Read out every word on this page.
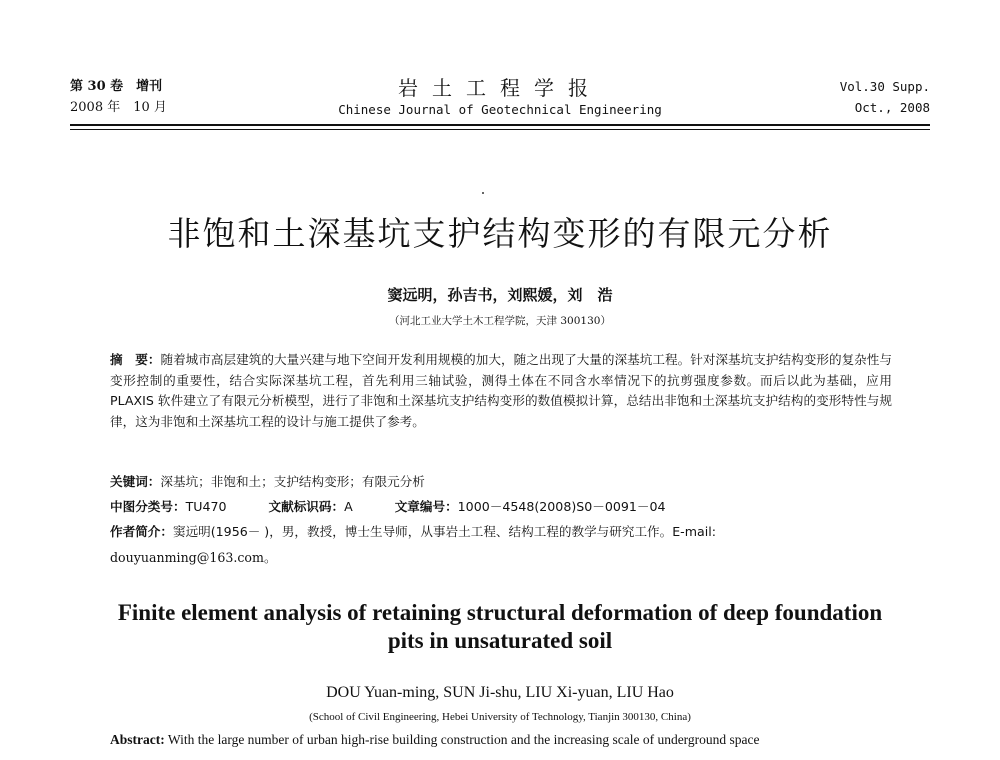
第 30 卷　增刊
2008 年　10 月
岩土工程学报
Chinese Journal of Geotechnical Engineering
Vol.30 Supp.
Oct., 2008
非饱和土深基坑支护结构变形的有限元分析
窦远明，孙吉书，刘熙媛，刘　浩
（河北工业大学土木工程学院，天津 300130）
摘　要：随着城市高层建筑的大量兴建与地下空间开发利用规模的加大，随之出现了大量的深基坑工程。针对深基坑支护结构变形的复杂性与变形控制的重要性，结合实际深基坑工程，首先利用三轴试验，测得土体在不同含水率情况下的抗剪强度参数。而后以此为基础，应用 PLAXIS 软件建立了有限元分析模型，进行了非饱和土深基坑支护结构变形的数值模拟计算，总结出非饱和土深基坑支护结构的变形特性与规律，这为非饱和土深基坑工程的设计与施工提供了参考。
关键词：深基坑；非饱和土；支护结构变形；有限元分析
中图分类号：TU470	文献标识码：A	文章编号：1000－4548(2008)S0－0091－04
作者简介：窦远明(1956－ )，男，教授，博士生导师，从事岩土工程、结构工程的教学与研究工作。E-mail:
douyuanming@163.com。
Finite element analysis of retaining structural deformation of deep foundation
pits in unsaturated soil
DOU Yuan-ming, SUN Ji-shu, LIU Xi-yuan, LIU Hao
(School of Civil Engineering, Hebei University of Technology, Tianjin 300130, China)
Abstract: With the large number of urban high-rise building construction and the increasing scale of underground space
